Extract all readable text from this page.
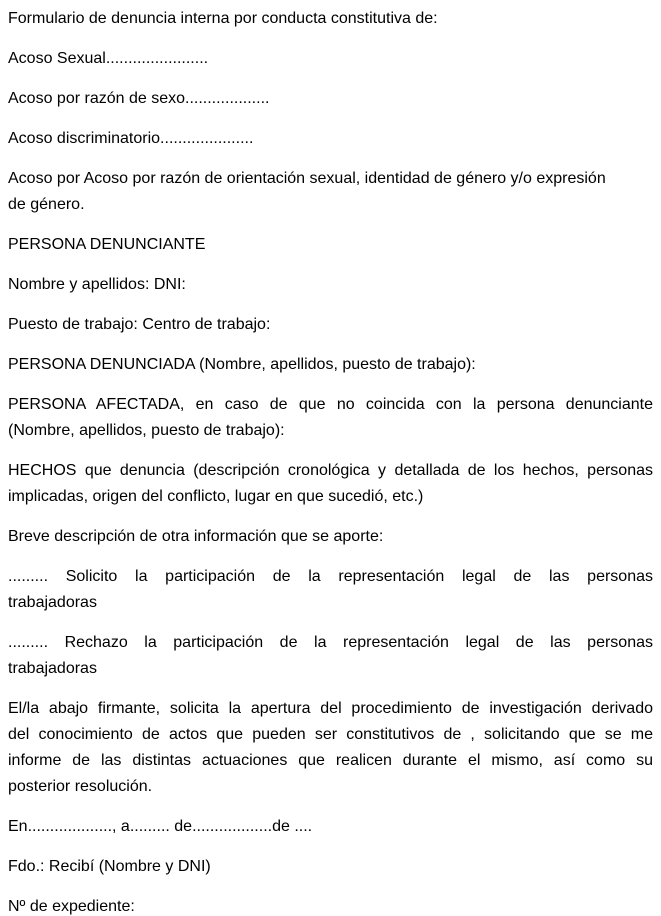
Formulario de denuncia interna por conducta constitutiva de:

Acoso Sexual.......................

Acoso por razón de sexo...................

Acoso discriminatorio.....................

Acoso por Acoso por razón de orientación sexual, identidad de género y/o expresión
de género.

PERSONA DENUNCIANTE

Nombre y apellidos: DNI:

Puesto de trabajo: Centro de trabajo:

PERSONA DENUNCIADA (Nombre, apellidos, puesto de trabajo):

PERSONA AFECTADA, en caso de que no coincida con la persona denunciante
(Nombre, apellidos, puesto de trabajo):

HECHOS que denuncia (descripción cronológica y detallada de los hechos, personas
implicadas, origen del conflicto, lugar en que sucedió, etc.)

Breve descripción de otra información que se aporte:

......... Solicito la participación de la representación legal de las personas
trabajadoras

......... Rechazo la participación de la representación legal de las personas
trabajadoras

El/la abajo firmante, solicita la apertura del procedimiento de investigación derivado
del conocimiento de actos que pueden ser constitutivos de , solicitando que se me
informe de las distintas actuaciones que realicen durante el mismo, así como su
posterior resolución.

En..................., a......... de..................de ....

Fdo.: Recibí (Nombre y DNI)

Nº de expediente:
